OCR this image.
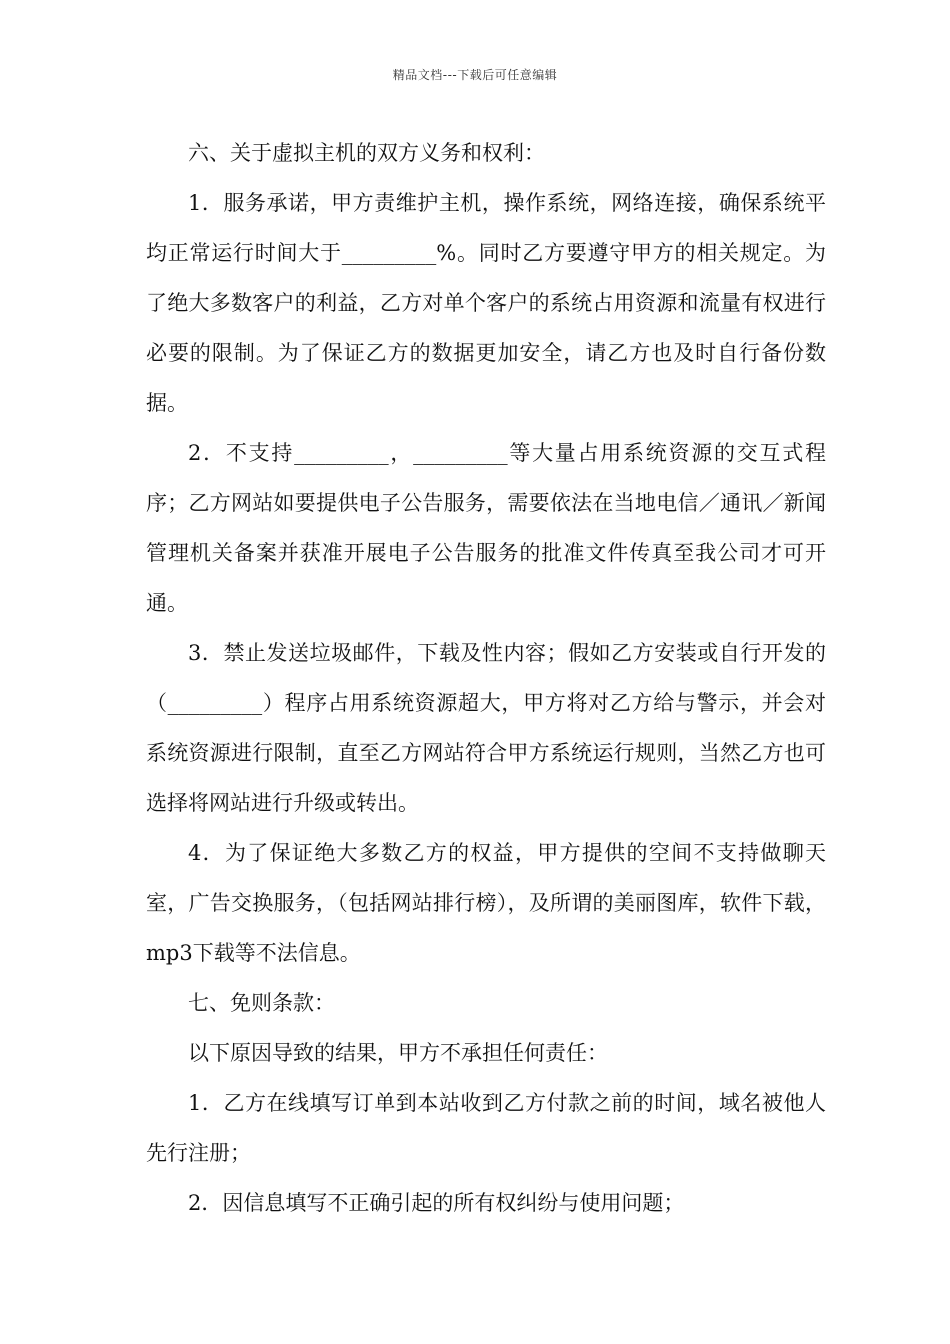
精品文档---下载后可任意编辑

六、关于虚拟主机的双方义务和权利：

1．服务承诺，甲方责维护主机，操作系统，网络连接，确保系统平均正常运行时间大于_________%。同时乙方要遵守甲方的相关规定。为了绝大多数客户的利益，乙方对单个客户的系统占用资源和流量有权进行必要的限制。为了保证乙方的数据更加安全，请乙方也及时自行备份数据。

2．不支持_________，_________等大量占用系统资源的交互式程序；乙方网站如要提供电子公告服务，需要依法在当地电信／通讯／新闻管理机关备案并获准开展电子公告服务的批准文件传真至我公司才可开通。

3．禁止发送垃圾邮件，下载及性内容；假如乙方安装或自行开发的（_________）程序占用系统资源超大，甲方将对乙方给与警示，并会对系统资源进行限制，直至乙方网站符合甲方系统运行规则，当然乙方也可选择将网站进行升级或转出。

4．为了保证绝大多数乙方的权益，甲方提供的空间不支持做聊天室，广告交换服务，（包括网站排行榜），及所谓的美丽图库，软件下载，mp3下载等不法信息。

七、免则条款：

以下原因导致的结果，甲方不承担任何责任：

1．乙方在线填写订单到本站收到乙方付款之前的时间，域名被他人先行注册；

2．因信息填写不正确引起的所有权纠纷与使用问题；
